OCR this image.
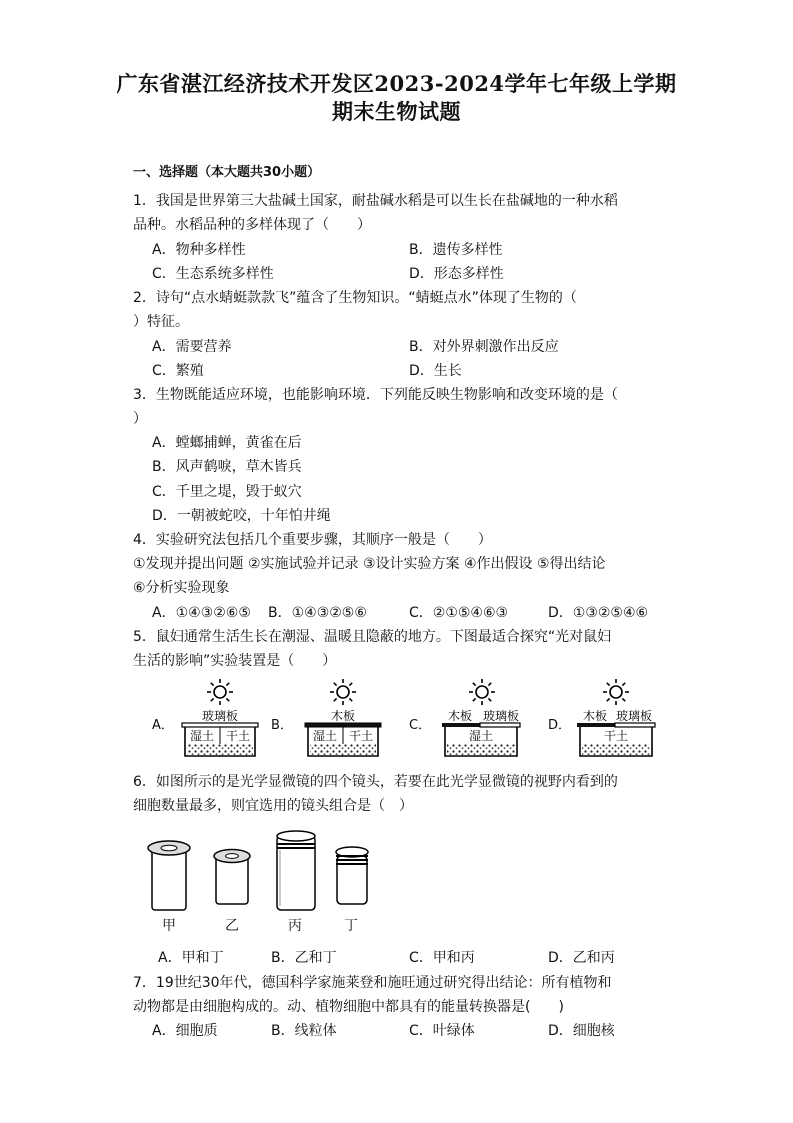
广东省湛江经济技术开发区2023-2024学年七年级上学期
期末生物试题
一、选择题（本大题共30小题）
1．我国是世界第三大盐碱土国家，耐盐碱水稻是可以生长在盐碱地的一种水稻
品种。水稻品种的多样体现了（　　）
A．物种多样性	B．遗传多样性
C．生态系统多样性	D．形态多样性
2．诗句“点水蜻蜓款款飞”蕴含了生物知识。“蜻蜓点水”体现了生物的（
）特征。
A．需要营养	B．对外界刺激作出反应
C．繁殖	D．生长
3．生物既能适应环境，也能影响环境．下列能反映生物影响和改变环境的是（
）
A．螳螂捕蝉，黄雀在后
B．风声鹤唳，草木皆兵
C．千里之堤，毁于蚁穴
D．一朝被蛇咬，十年怕井绳
4．实验研究法包括几个重要步骤，其顺序一般是（　　）
①发现并提出问题 ②实施试验并记录 ③设计实验方案 ④作出假设 ⑤得出结论
⑥分析实验现象
A．①④③②⑥⑤ B．①④③②⑤⑥	C．②①⑤④⑥③	D．①③②⑤④⑥
5．鼠妇通常生活生长在潮湿、温暖且隐蔽的地方。下图最适合探究“光对鼠妇
生活的影响”实验装置是（　　）
A．	B．	C．	D．
玻璃板
湿土 干土
木板
湿土 干土
木板 玻璃板
湿土
木板 玻璃板
干土
6．如图所示的是光学显微镜的四个镜头，若要在此光学显微镜的视野内看到的
细胞数量最多，则宜选用的镜头组合是（　）
甲	乙	丙	丁
A．甲和丁	B．乙和丁	C．甲和丙	D．乙和丙
7．19世纪30年代，德国科学家施莱登和施旺通过研究得出结论：所有植物和
动物都是由细胞构成的。动、植物细胞中都具有的能量转换器是(　　)
A．细胞质	B．线粒体	C．叶绿体	D．细胞核
